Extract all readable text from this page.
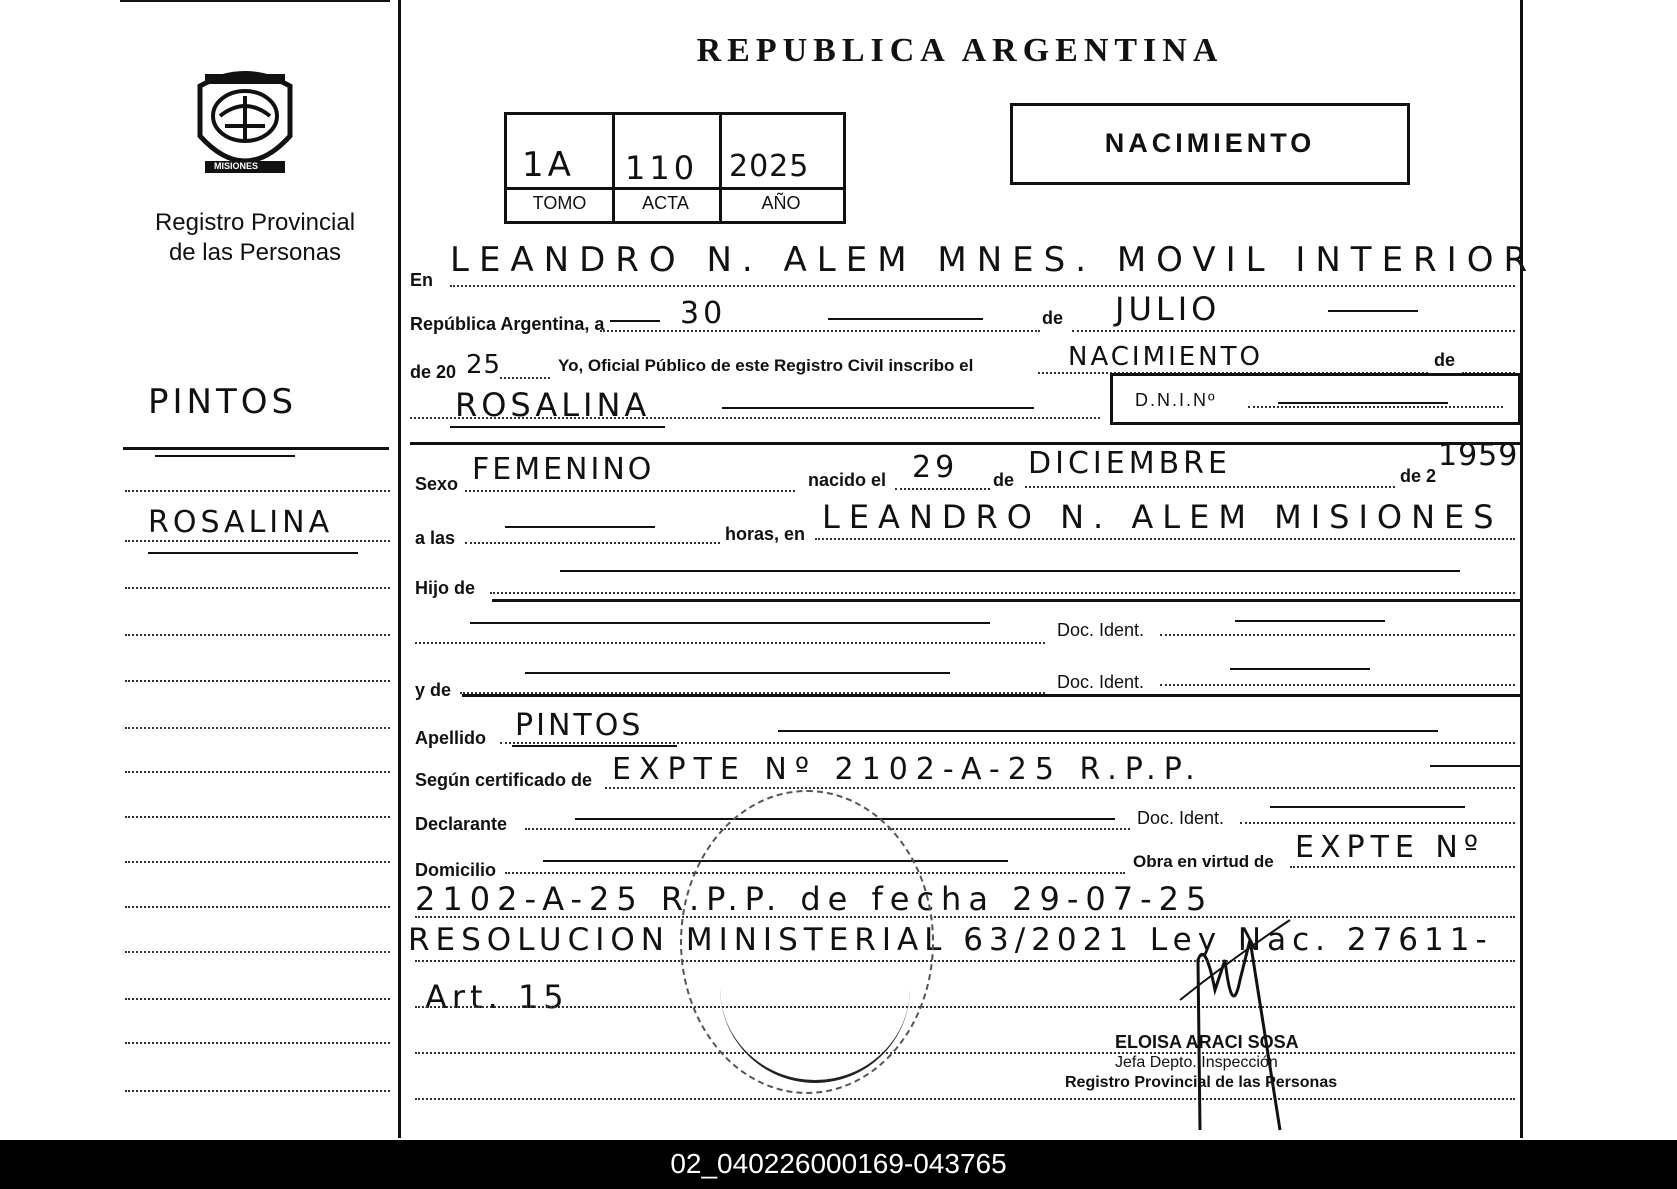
MISIONES
Registro Provincial
de las Personas
PINTOS
ROSALINA
REPUBLICA ARGENTINA
1A 110 2025
TOMO	ACTA	AÑO
NACIMIENTO
En LEANDRO N. ALEM MNES. MOVIL INTERIOR
República Argentina, a	30	de JULIO
de 20 25	Yo, Oficial Público de este Registro Civil inscribo el	NACIMIENTO	de
ROSALINA	D.N.I.Nº
Sexo FEMENINO	nacido el 29 de DICIEMBRE	de 2
1959
a las	horas, en LEANDRO N. ALEM MISIONES
Hijo de
Doc. Ident.
y de	Doc. Ident.
Apellido PINTOS
Según certificado de EXPTE Nº 2102-A-25 R.P.P.
Declarante	Doc. Ident.
Domicilio	Obra en virtud de EXPTE Nº
2102-A-25 R.P.P. de fecha 29-07-25
RESOLUCION MINISTERIAL 63/2021 Ley Nac. 27611-
Art. 15
ELOISA ARACI SOSA
Jefa Depto. Inspección
Registro Provincial de las Personas
02_040226000169-043765
